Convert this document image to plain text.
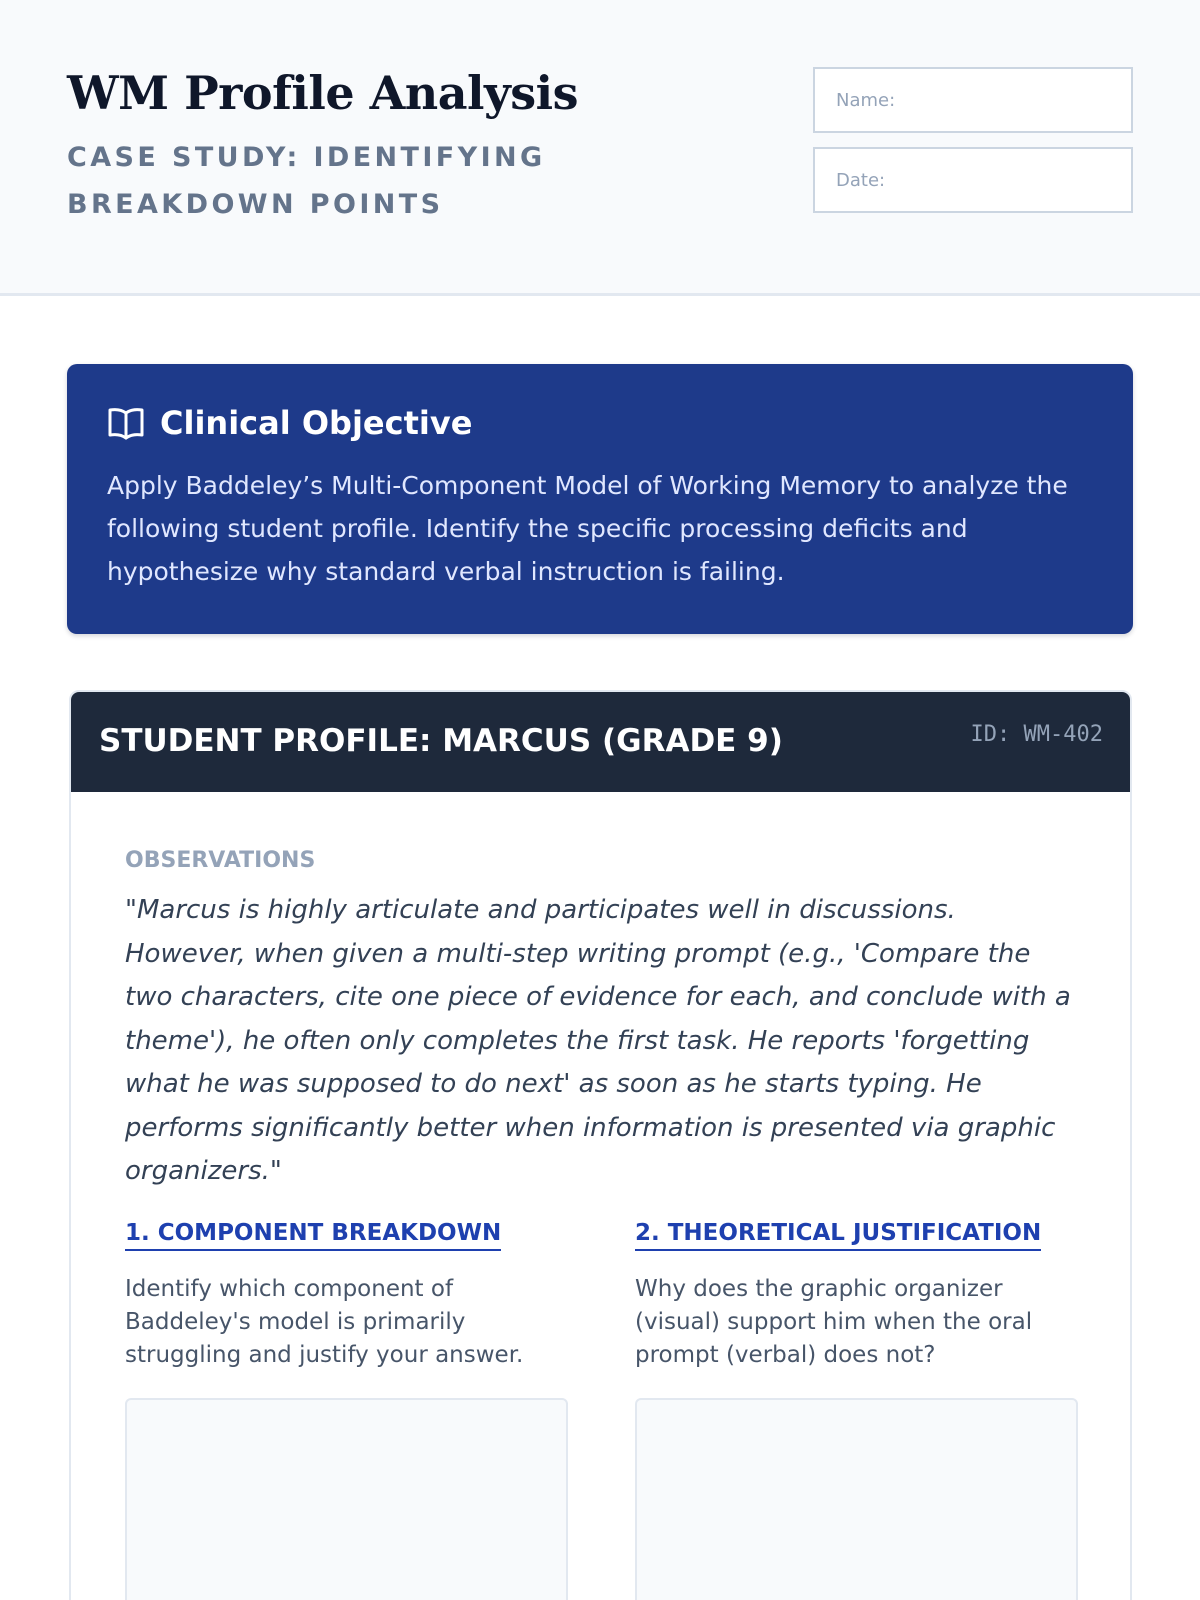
WM Profile Analysis
CASE STUDY: IDENTIFYING BREAKDOWN POINTS
Name:
Date:
Clinical Objective

Apply Baddeley’s Multi-Component Model of Working Memory to analyze the following student profile. Identify the specific processing deficits and hypothesize why standard verbal instruction is failing.

STUDENT PROFILE: MARCUS (GRADE 9)	ID: WM-402
OBSERVATIONS

"Marcus is highly articulate and participates well in discussions. However, when given a multi-step writing prompt (e.g., 'Compare the two characters, cite one piece of evidence for each, and conclude with a theme'), he often only completes the first task. He reports 'forgetting what he was supposed to do next' as soon as he starts typing. He performs significantly better when information is presented via graphic organizers."

1. COMPONENT BREAKDOWN

Identify which component of Baddeley's model is primarily struggling and justify your answer.

2. THEORETICAL JUSTIFICATION

Why does the graphic organizer (visual) support him when the oral prompt (verbal) does not?
